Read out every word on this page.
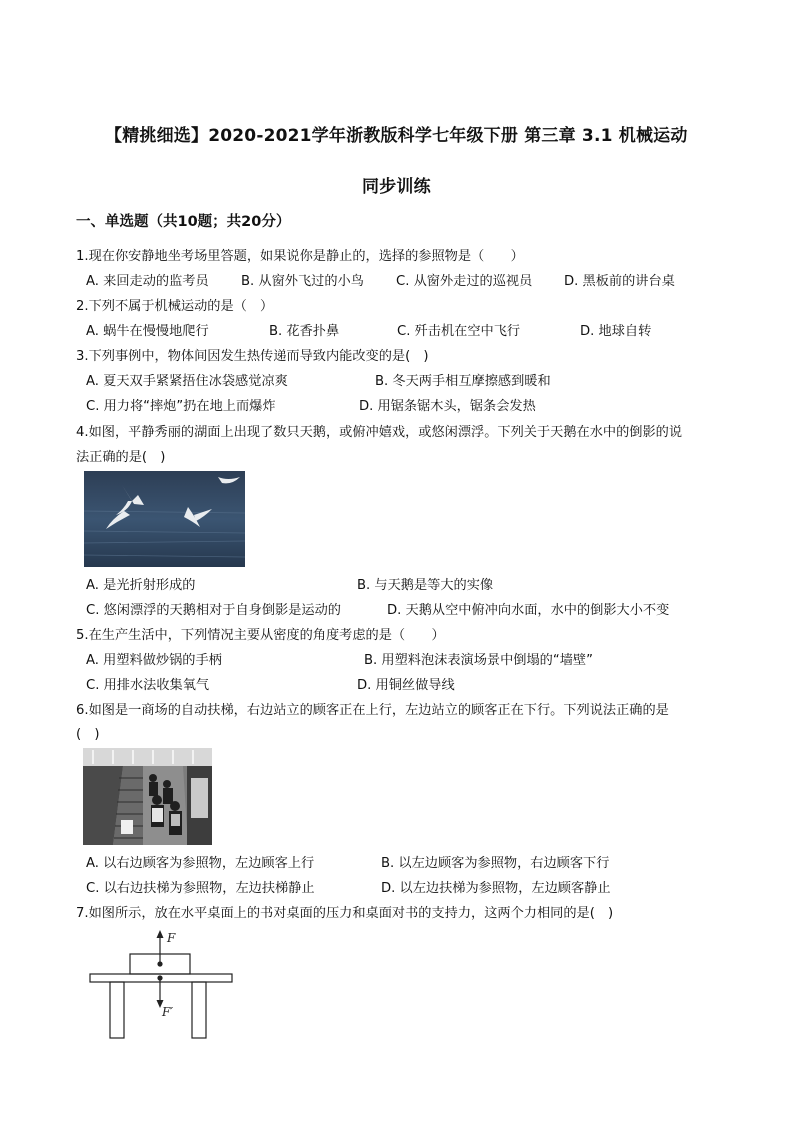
【精挑细选】2020-2021学年浙教版科学七年级下册 第三章 3.1 机械运动
同步训练
一、单选题（共10题；共20分）
1.现在你安静地坐考场里答题，如果说你是静止的，选择的参照物是（　　）
A. 来回走动的监考员 B. 从窗外飞过的小鸟 C. 从窗外走过的巡视员 D. 黑板前的讲台桌
2.下列不属于机械运动的是（　）
A. 蜗牛在慢慢地爬行	B. 花香扑鼻	C. 歼击机在空中飞行	D. 地球自转
3.下列事例中，物体间因发生热传递而导致内能改变的是(　)
A. 夏天双手紧紧捂住冰袋感觉凉爽	B. 冬天两手相互摩擦感到暖和
C. 用力将“摔炮”扔在地上而爆炸	D. 用锯条锯木头，锯条会发热
4.如图，平静秀丽的湖面上出现了数只天鹅，或俯冲嬉戏，或悠闲漂浮。下列关于天鹅在水中的倒影的说
法正确的是(　)
A. 是光折射形成的	B. 与天鹅是等大的实像
C. 悠闲漂浮的天鹅相对于自身倒影是运动的	D. 天鹅从空中俯冲向水面，水中的倒影大小不变
5.在生产生活中，下列情况主要从密度的角度考虑的是（　　）
A. 用塑料做炒锅的手柄	B. 用塑料泡沫表演场景中倒塌的“墙壁”
C. 用排水法收集氧气	D. 用铜丝做导线
6.如图是一商场的自动扶梯，右边站立的顾客正在上行，左边站立的顾客正在下行。下列说法正确的是
(　)
A. 以右边顾客为参照物，左边顾客上行	B. 以左边顾客为参照物，右边顾客下行
C. 以右边扶梯为参照物，左边扶梯静止	D. 以左边扶梯为参照物，左边顾客静止
7.如图所示，放在水平桌面上的书对桌面的压力和桌面对书的支持力，这两个力相同的是(　)
F
F′
